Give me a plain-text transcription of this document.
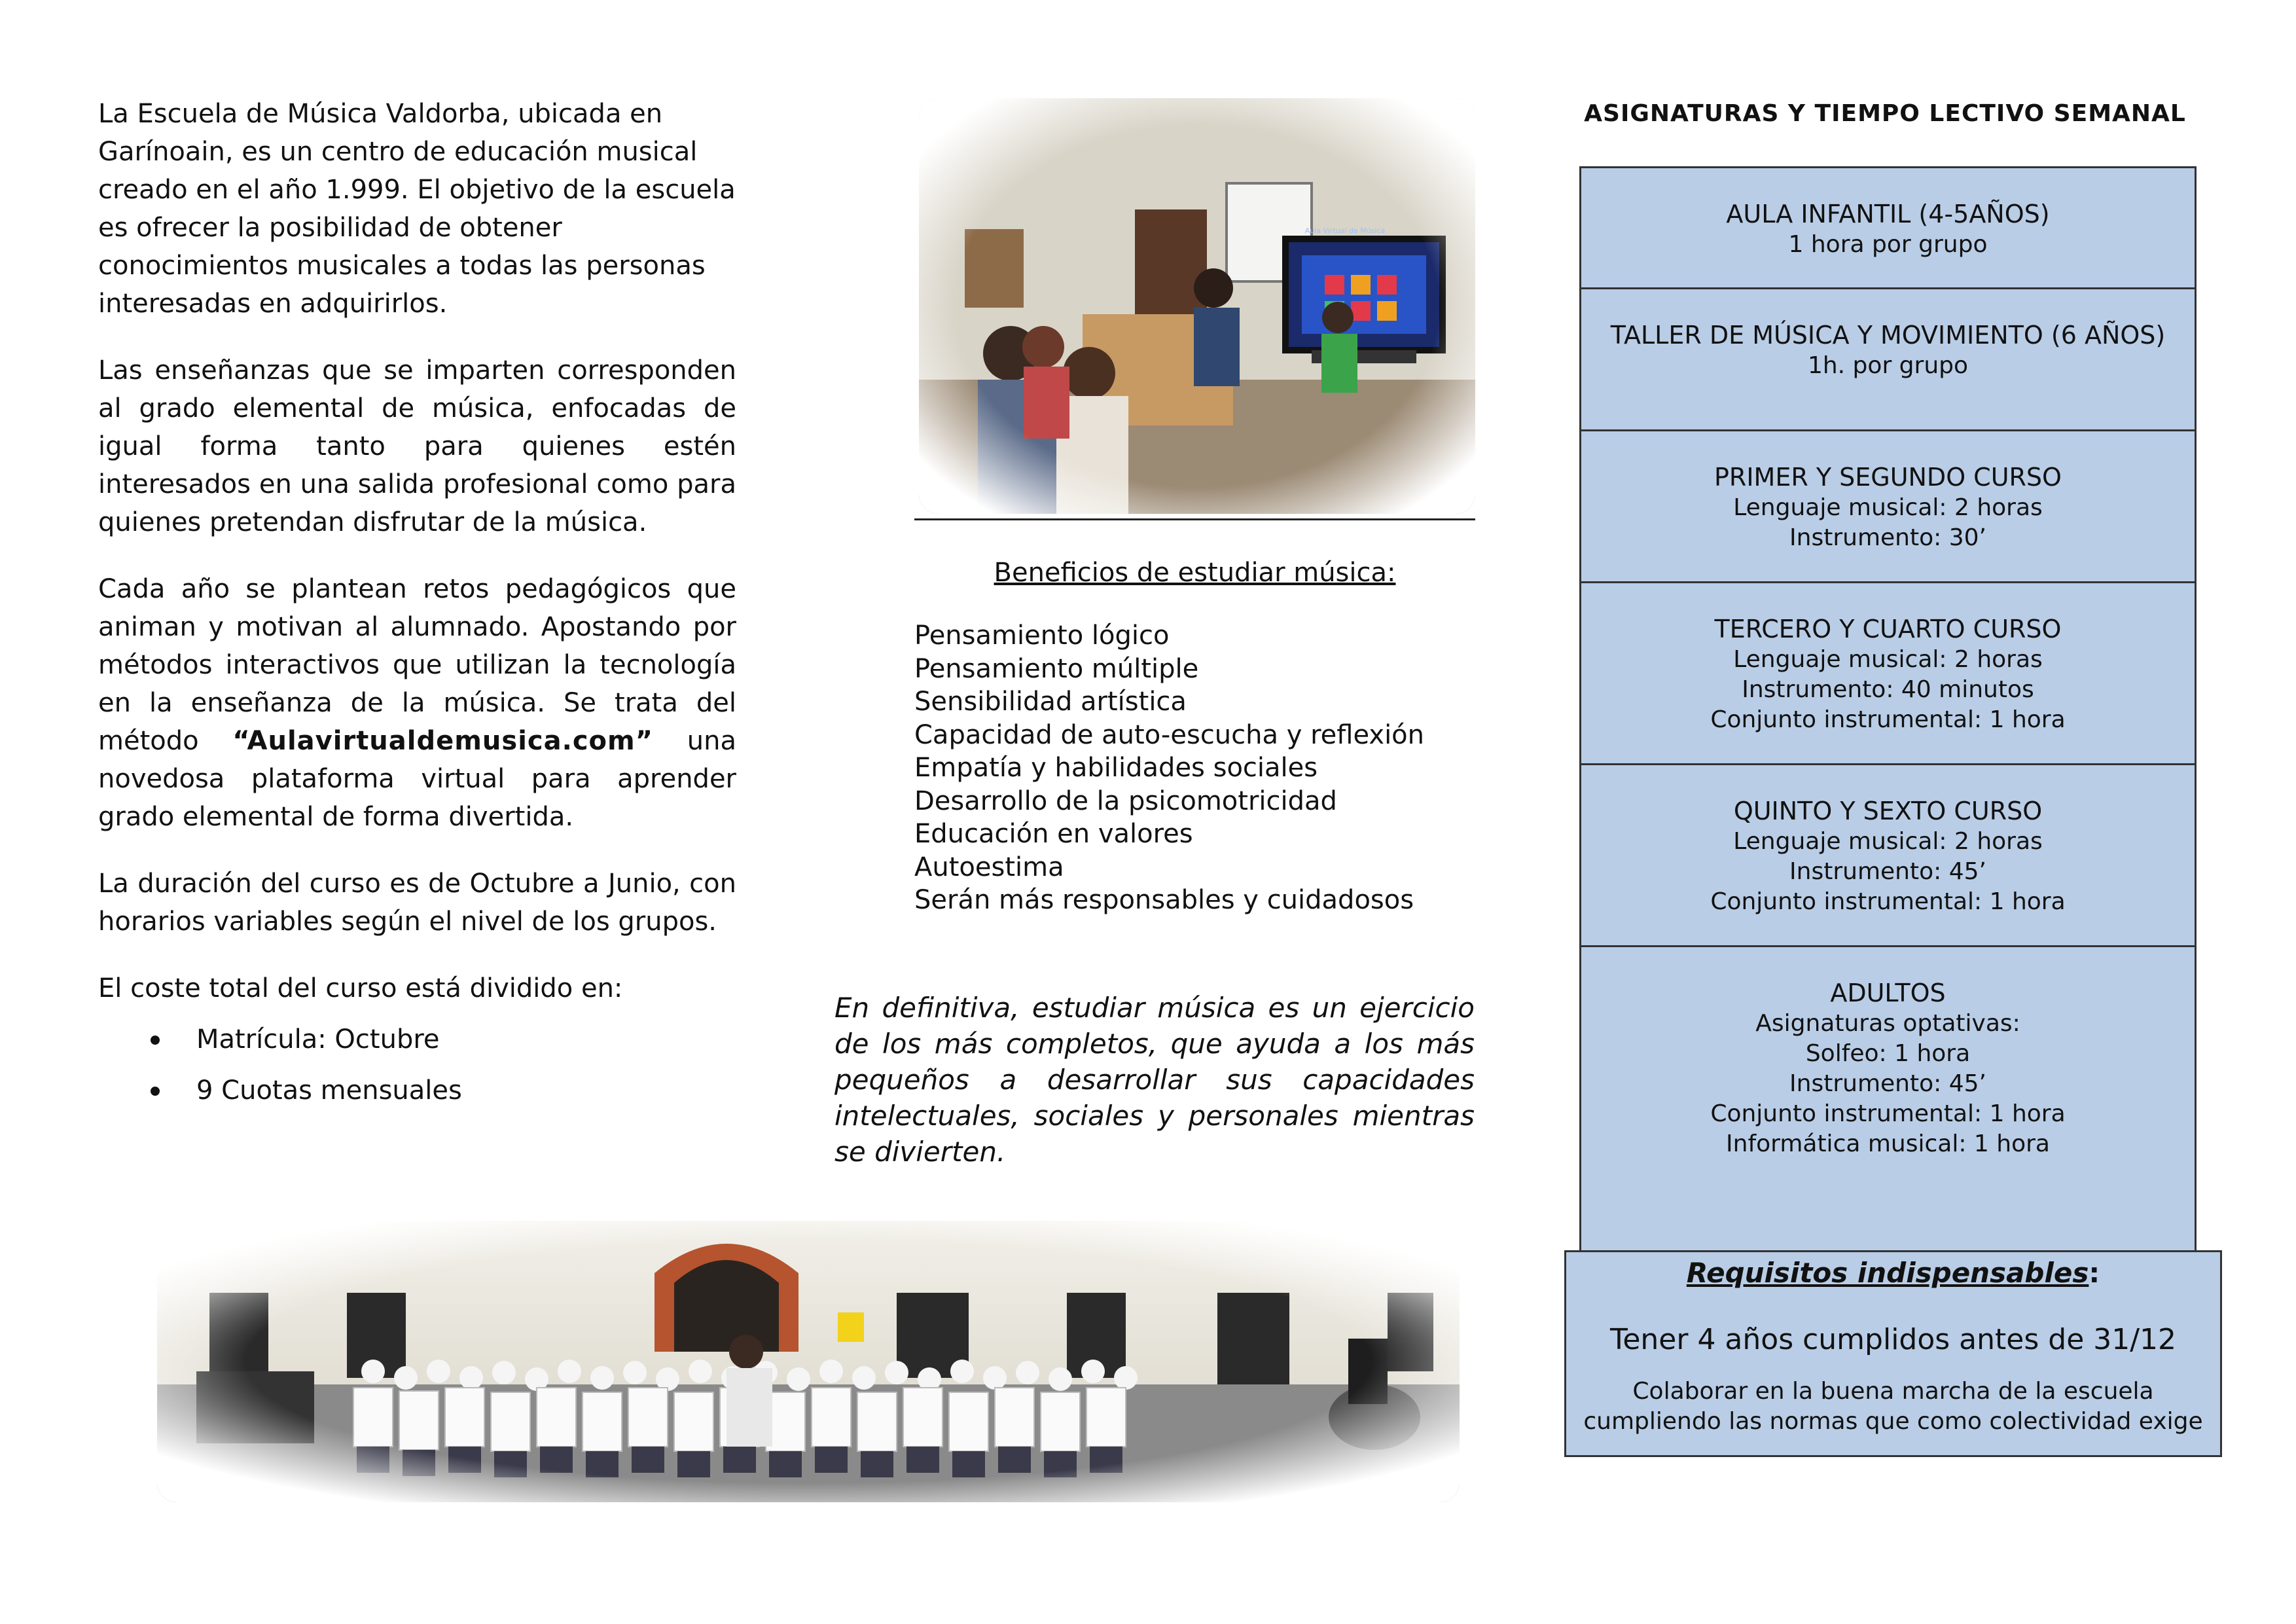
La Escuela de Música Valdorba, ubicada en Garínoain, es un centro de educación musical creado en el año 1.999. El objetivo de la escuela es ofrecer la posibilidad de obtener conocimientos musicales a todas las personas interesadas en adquirirlos.

Las enseñanzas que se imparten corresponden al grado elemental de música, enfocadas de igual forma tanto para quienes estén interesados en una salida profesional como para quienes pretendan disfrutar de la música.

Cada año se plantean retos pedagógicos que animan y motivan al alumnado. Apostando por métodos interactivos que utilizan la tecnología en la enseñanza de la música. Se trata del método “Aulavirtualdemusica.com” una novedosa plataforma virtual para aprender grado elemental de forma divertida.

La duración del curso es de Octubre a Junio, con horarios variables según el nivel de los grupos.

El coste total del curso está dividido en:

Matrícula: Octubre
9 Cuotas mensuales
Aula Virtual de Música
Beneficios de estudiar música:
Pensamiento lógico
Pensamiento múltiple
Sensibilidad artística
Capacidad de auto-escucha y reflexión
Empatía y habilidades sociales
Desarrollo de la psicomotricidad
Educación en valores
Autoestima
Serán más responsables y cuidadosos

En definitiva, estudiar música es un ejercicio de los más completos, que ayuda a los más pequeños a desarrollar sus capacidades intelectuales, sociales y personales mientras se divierten.

ASIGNATURAS Y TIEMPO LECTIVO SEMANAL
AULA INFANTIL (4-5AÑOS)
1 hora por grupo
TALLER DE MÚSICA Y MOVIMIENTO (6 AÑOS)
1h. por grupo
PRIMER Y SEGUNDO CURSO
Lenguaje musical: 2 horas
Instrumento: 30’
TERCERO Y CUARTO CURSO
Lenguaje musical: 2 horas
Instrumento: 40 minutos
Conjunto instrumental: 1 hora
QUINTO Y SEXTO CURSO
Lenguaje musical: 2 horas
Instrumento: 45’
Conjunto instrumental: 1 hora
ADULTOS
Asignaturas optativas:
Solfeo: 1 hora
Instrumento: 45’
Conjunto instrumental: 1 hora
Informática musical: 1 hora
Requisitos indispensables:
Tener 4 años cumplidos antes de 31/12
Colaborar en la buena marcha de la escuela
cumpliendo las normas que como colectividad exige
